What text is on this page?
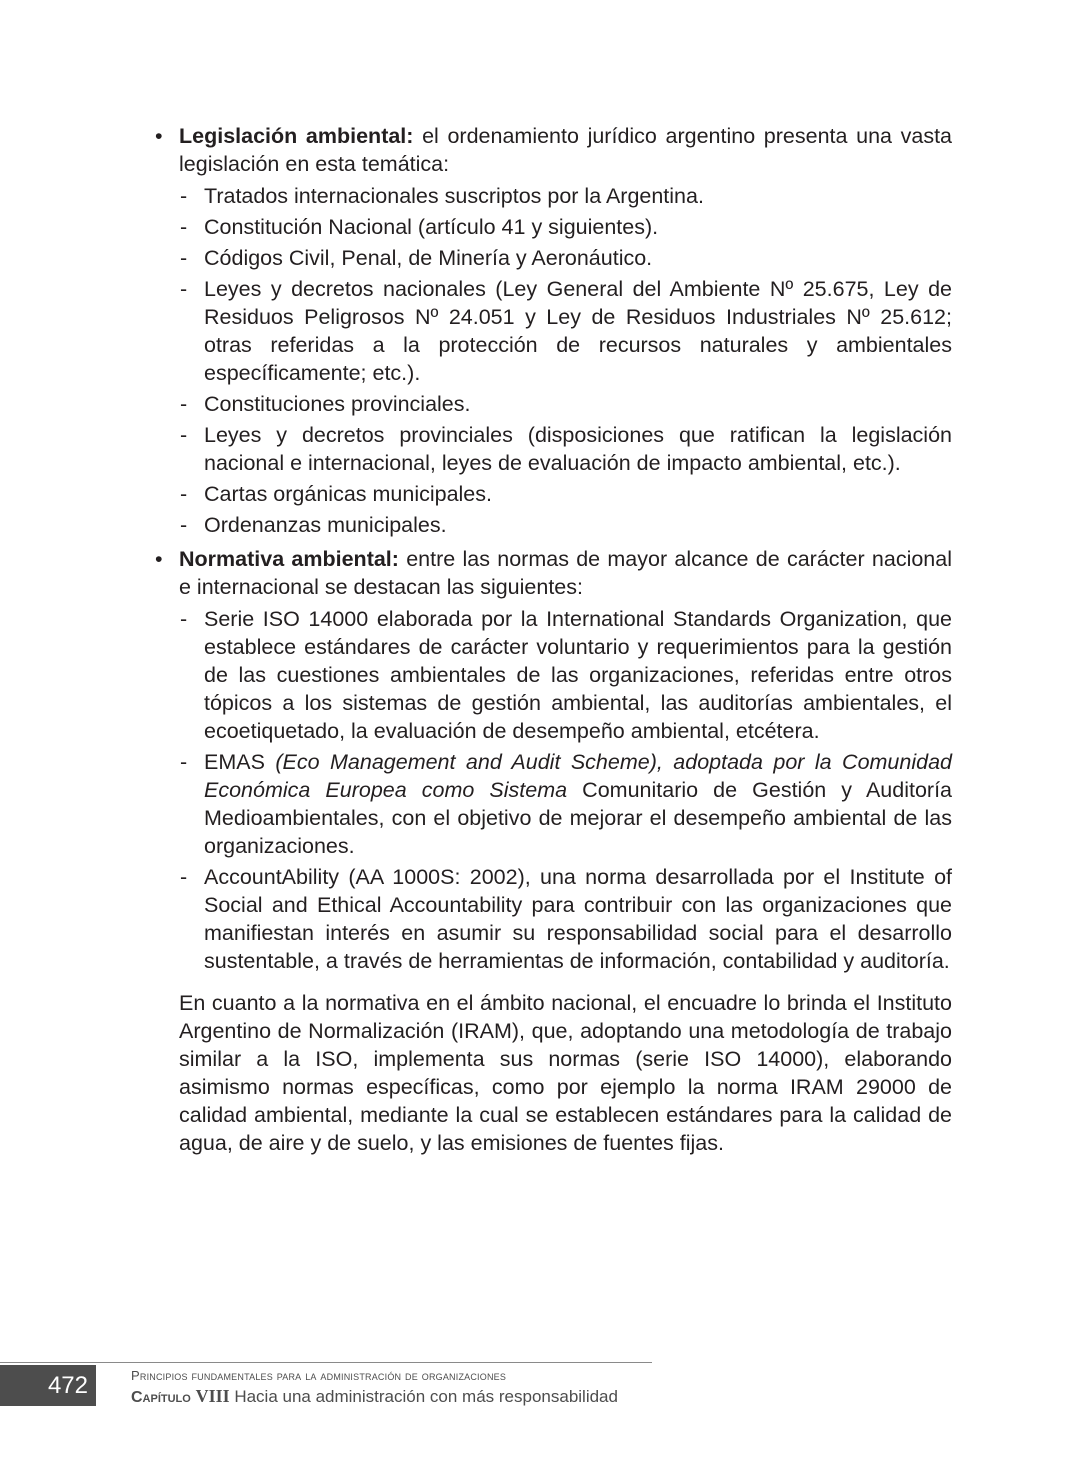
• Legislación ambiental: el ordenamiento jurídico argentino presenta una vasta legislación en esta temática:
- Tratados internacionales suscriptos por la Argentina.
- Constitución Nacional (artículo 41 y siguientes).
- Códigos Civil, Penal, de Minería y Aeronáutico.
- Leyes y decretos nacionales (Ley General del Ambiente Nº 25.675, Ley de Residuos Peligrosos Nº 24.051 y Ley de Residuos Industriales Nº 25.612; otras referidas a la protección de recursos naturales y ambientales específicamente; etc.).
- Constituciones provinciales.
- Leyes y decretos provinciales (disposiciones que ratifican la legislación nacional e internacional, leyes de evaluación de impacto ambiental, etc.).
- Cartas orgánicas municipales.
- Ordenanzas municipales.
• Normativa ambiental: entre las normas de mayor alcance de carácter nacional e internacional se destacan las siguientes:
- Serie ISO 14000 elaborada por la International Standards Organization, que establece estándares de carácter voluntario y requerimientos para la gestión de las cuestiones ambientales de las organizaciones, referidas entre otros tópicos a los sistemas de gestión ambiental, las auditorías ambientales, el ecoetiquetado, la evaluación de desempeño ambiental, etcétera.
- EMAS (Eco Management and Audit Scheme), adoptada por la Comunidad Económica Europea como Sistema Comunitario de Gestión y Auditoría Medioambientales, con el objetivo de mejorar el desempeño ambiental de las organizaciones.
- AccountAbility (AA 1000S: 2002), una norma desarrollada por el Institute of Social and Ethical Accountability para contribuir con las organizaciones que manifiestan interés en asumir su responsabilidad social para el desarrollo sustentable, a través de herramientas de información, contabilidad y auditoría.

En cuanto a la normativa en el ámbito nacional, el encuadre lo brinda el Instituto Argentino de Normalización (IRAM), que, adoptando una metodología de trabajo similar a la ISO, implementa sus normas (serie ISO 14000), elaborando asimismo normas específicas, como por ejemplo la norma IRAM 29000 de calidad ambiental, mediante la cual se establecen estándares para la calidad de agua, de aire y de suelo, y las emisiones de fuentes fijas.

472	Principios fundamentales para la administración de organizaciones
Capítulo VIII Hacia una administración con más responsabilidad
